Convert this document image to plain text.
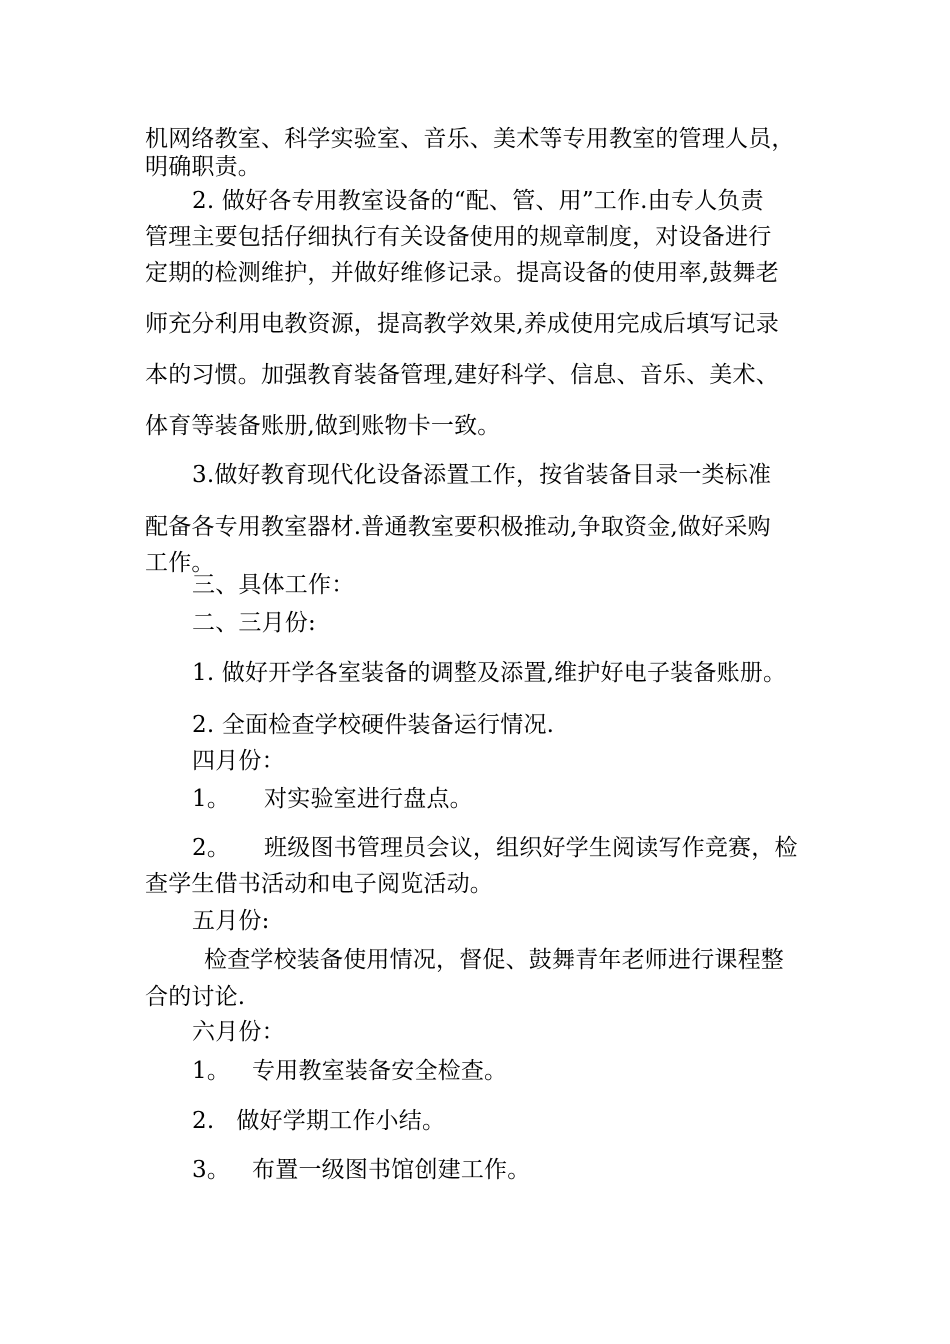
机网络教室、科学实验室、音乐、美术等专用教室的管理人员，
明确职责。
2. 做好各专用教室设备的“配、管、用”工作.由专人负责
管理主要包括仔细执行有关设备使用的规章制度，对设备进行
定期的检测维护，并做好维修记录。提高设备的使用率,鼓舞老
师充分利用电教资源，提高教学效果,养成使用完成后填写记录
本的习惯。加强教育装备管理,建好科学、信息、音乐、美术、
体育等装备账册,做到账物卡一致。
3.做好教育现代化设备添置工作，按省装备目录一类标准
配备各专用教室器材.普通教室要积极推动,争取资金,做好采购
工作。
三、具体工作：
二、三月份:
1. 做好开学各室装备的调整及添置,维护好电子装备账册。
2. 全面检查学校硬件装备运行情况.
四月份：
1。 对实验室进行盘点。
2。 班级图书管理员会议，组织好学生阅读写作竞赛，检
查学生借书活动和电子阅览活动。
五月份:
检查学校装备使用情况，督促、鼓舞青年老师进行课程整
合的讨论.
六月份：
1。 专用教室装备安全检查。
2. 做好学期工作小结。
3。 布置一级图书馆创建工作。
